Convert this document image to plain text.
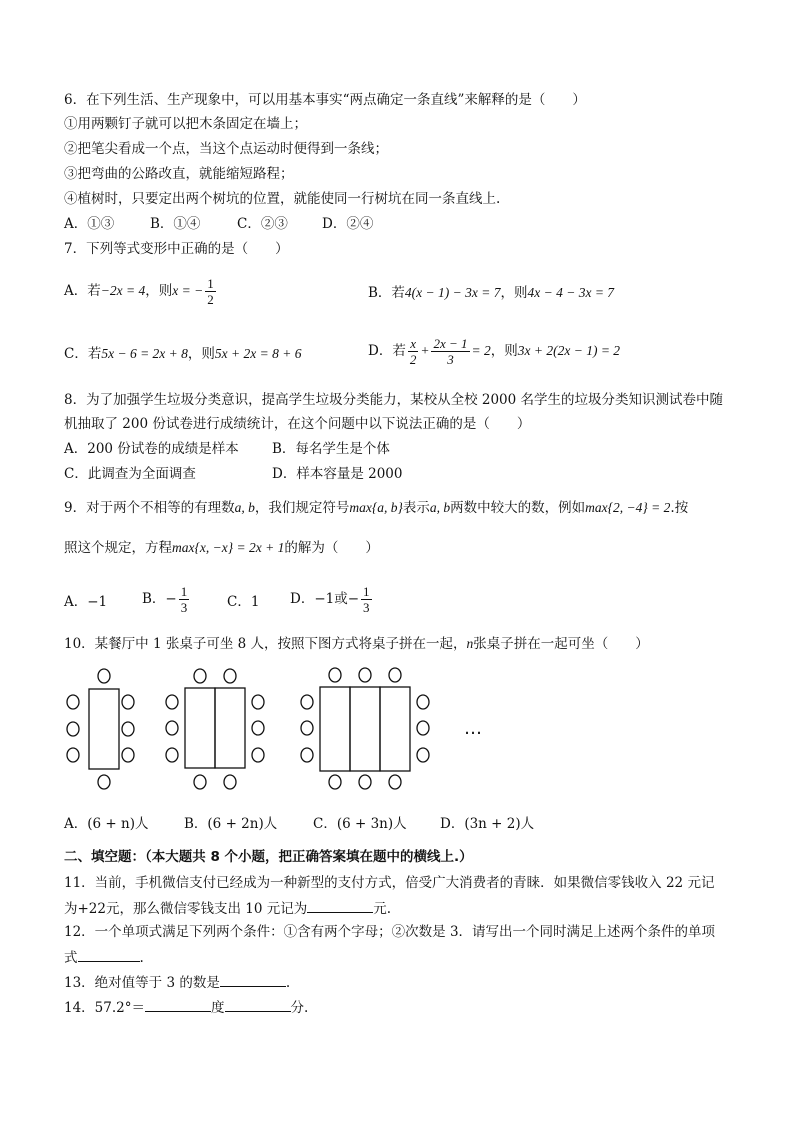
6．在下列生活、生产现象中，可以用基本事实“两点确定一条直线”来解释的是（　　）
①用两颗钉子就可以把木条固定在墙上；
②把笔尖看成一个点，当这个点运动时便得到一条线；
③把弯曲的公路改直，就能缩短路程；
④植树时，只要定出两个树坑的位置，就能使同一行树坑在同一条直线上.
A．①③	B．①④	C．②③	D．②④
7．下列等式变形中正确的是（　　）
A．若−2x = 4，则x = − $\frac{1}{2}$	B．若4(x − 1) − 3x = 7，则4x − 4 − 3x = 7
C．若5x − 6 = 2x + 8，则5x + 2x = 8 + 6	D．若 $\frac{x}{2} + \frac{2x - 1}{3} = 2$，则3x + 2(2x − 1) = 2
8．为了加强学生垃圾分类意识，提高学生垃圾分类能力，某校从全校 2000 名学生的垃圾分类知识测试卷中随
机抽取了 200 份试卷进行成绩统计，在这个问题中以下说法正确的是（　　）
A．200 份试卷的成绩是样本 B．每名学生是个体
C．此调查为全面调查	D．样本容量是 2000
9．对于两个不相等的有理数a, b，我们规定符号max{a, b}表示a, b两数中较大的数，例如max{2, −4} = 2.按
照这个规定，方程max{x, −x} = 2x + 1的解为（　　）
A．−1	B．− $\frac{1}{3}$	C．1 D．−1或− $\frac{1}{3}$
10．某餐厅中 1 张桌子可坐 8 人，按照下图方式将桌子拼在一起，n张桌子拼在一起可坐（　　）
…
A．(6 + n)人	B．(6 + 2n)人	C．(6 + 3n)人 D．(3n + 2)人
二、填空题：（本大题共 8 个小题，把正确答案填在题中的横线上.）
11．当前，手机微信支付已经成为一种新型的支付方式，倍受广大消费者的青睐．如果微信零钱收入 22 元记
为+22元，那么微信零钱支出 10 元记为	元.
12．一个单项式满足下列两个条件：①含有两个字母；②次数是 3．请写出一个同时满足上述两个条件的单项
式	.
13．绝对值等于 3 的数是	.
14．57.2°＝	度	分.
